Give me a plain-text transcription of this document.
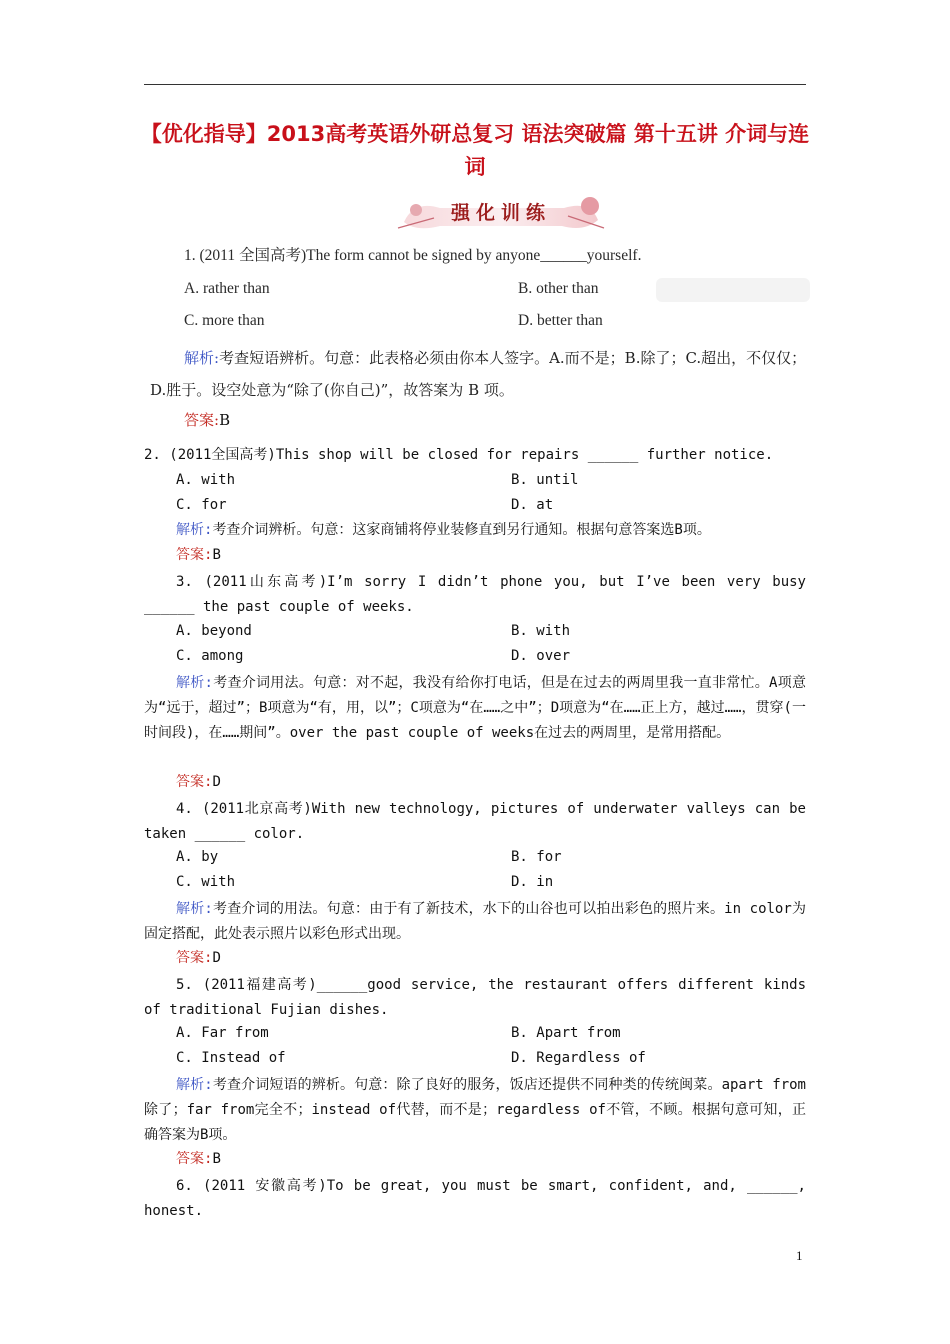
【优化指导】2013高考英语外研总复习 语法突破篇 第十五讲 介词与连词
强化训练
1. (2011 全国高考)The form cannot be signed by anyone______yourself.
A. rather than	B. other than
C. more than	D. better than
解析:考查短语辨析。句意：此表格必须由你本人签字。A.而不是；B.除了；C.超出，不仅仅；D.胜于。设空处意为“除了(你自己)”，故答案为 B 项。
答案:B
2. (2011全国高考)This shop will be closed for repairs ______ further notice.
A. with	B. until
C. for	D. at
解析:考查介词辨析。句意：这家商铺将停业装修直到另行通知。根据句意答案选B项。
答案:B
3. (2011山东高考)I’m sorry I didn’t phone you, but I’ve been very busy ______ the past couple of weeks.
A. beyond	B. with
C. among	D. over
解析:考查介词用法。句意：对不起，我没有给你打电话，但是在过去的两周里我一直非常忙。A项意为“远于，超过”；B项意为“有，用，以”；C项意为“在……之中”；D项意为“在……正上方，越过……，贯穿(一时间段)，在……期间”。over the past couple of weeks在过去的两周里，是常用搭配。
答案:D
4. (2011北京高考)With new technology, pictures of underwater valleys can be taken ______ color.
A. by	B. for
C. with	D. in
解析:考查介词的用法。句意：由于有了新技术，水下的山谷也可以拍出彩色的照片来。in color为固定搭配，此处表示照片以彩色形式出现。
答案:D
5. (2011福建高考)______good service, the restaurant offers different kinds of traditional Fujian dishes.
A. Far from	B. Apart from
C. Instead of	D. Regardless of
解析:考查介词短语的辨析。句意：除了良好的服务，饭店还提供不同种类的传统闽菜。apart from除了；far from完全不；instead of代替，而不是；regardless of不管，不顾。根据句意可知，正确答案为B项。
答案:B
6. (2011 安徽高考)To be great, you must be smart, confident, and, ______, honest.
1
